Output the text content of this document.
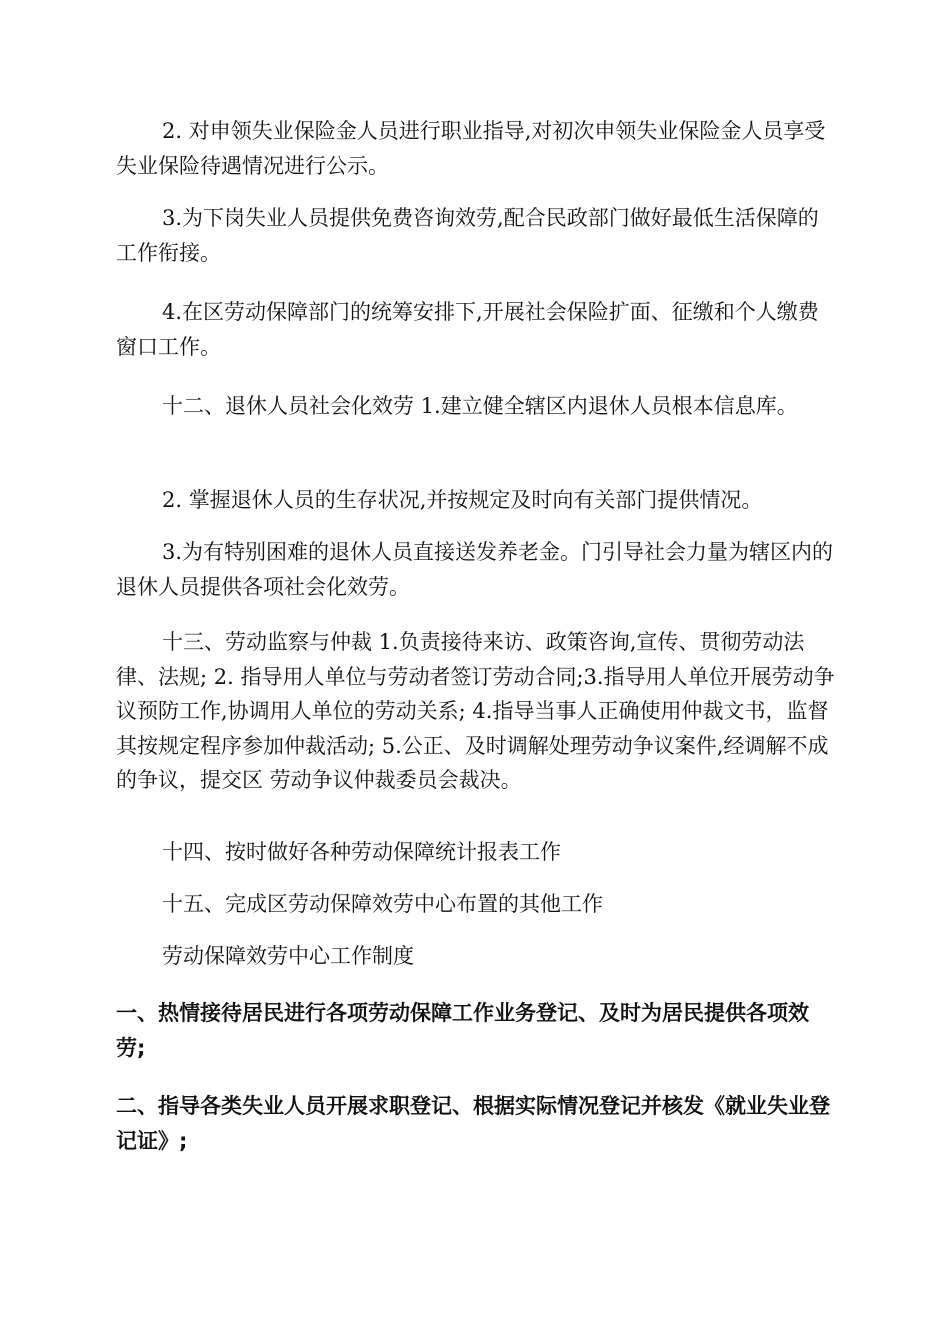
2. 对申领失业保险金人员进行职业指导,对初次申领失业保险金人员享受失业保险待遇情况进行公示。

3.为下岗失业人员提供免费咨询效劳,配合民政部门做好最低生活保障的工作衔接。

4.在区劳动保障部门的统筹安排下,开展社会保险扩面、征缴和个人缴费窗口工作。

十二、退休人员社会化效劳 1.建立健全辖区内退休人员根本信息库。

2. 掌握退休人员的生存状况,并按规定及时向有关部门提供情况。

3.为有特别困难的退休人员直接送发养老金。门引导社会力量为辖区内的退休人员提供各项社会化效劳。

十三、劳动监察与仲裁 1.负责接待来访、政策咨询,宣传、贯彻劳动法律、法规; 2. 指导用人单位与劳动者签订劳动合同;3.指导用人单位开展劳动争议预防工作,协调用人单位的劳动关系; 4.指导当事人正确使用仲裁文书，监督其按规定程序参加仲裁活动; 5.公正、及时调解处理劳动争议案件,经调解不成的争议，提交区 劳动争议仲裁委员会裁决。

十四、按时做好各种劳动保障统计报表工作

十五、完成区劳动保障效劳中心布置的其他工作

劳动保障效劳中心工作制度

一、热情接待居民进行各项劳动保障工作业务登记、及时为居民提供各项效劳;

二、指导各类失业人员开展求职登记、根据实际情况登记并核发《就业失业登记证》;
